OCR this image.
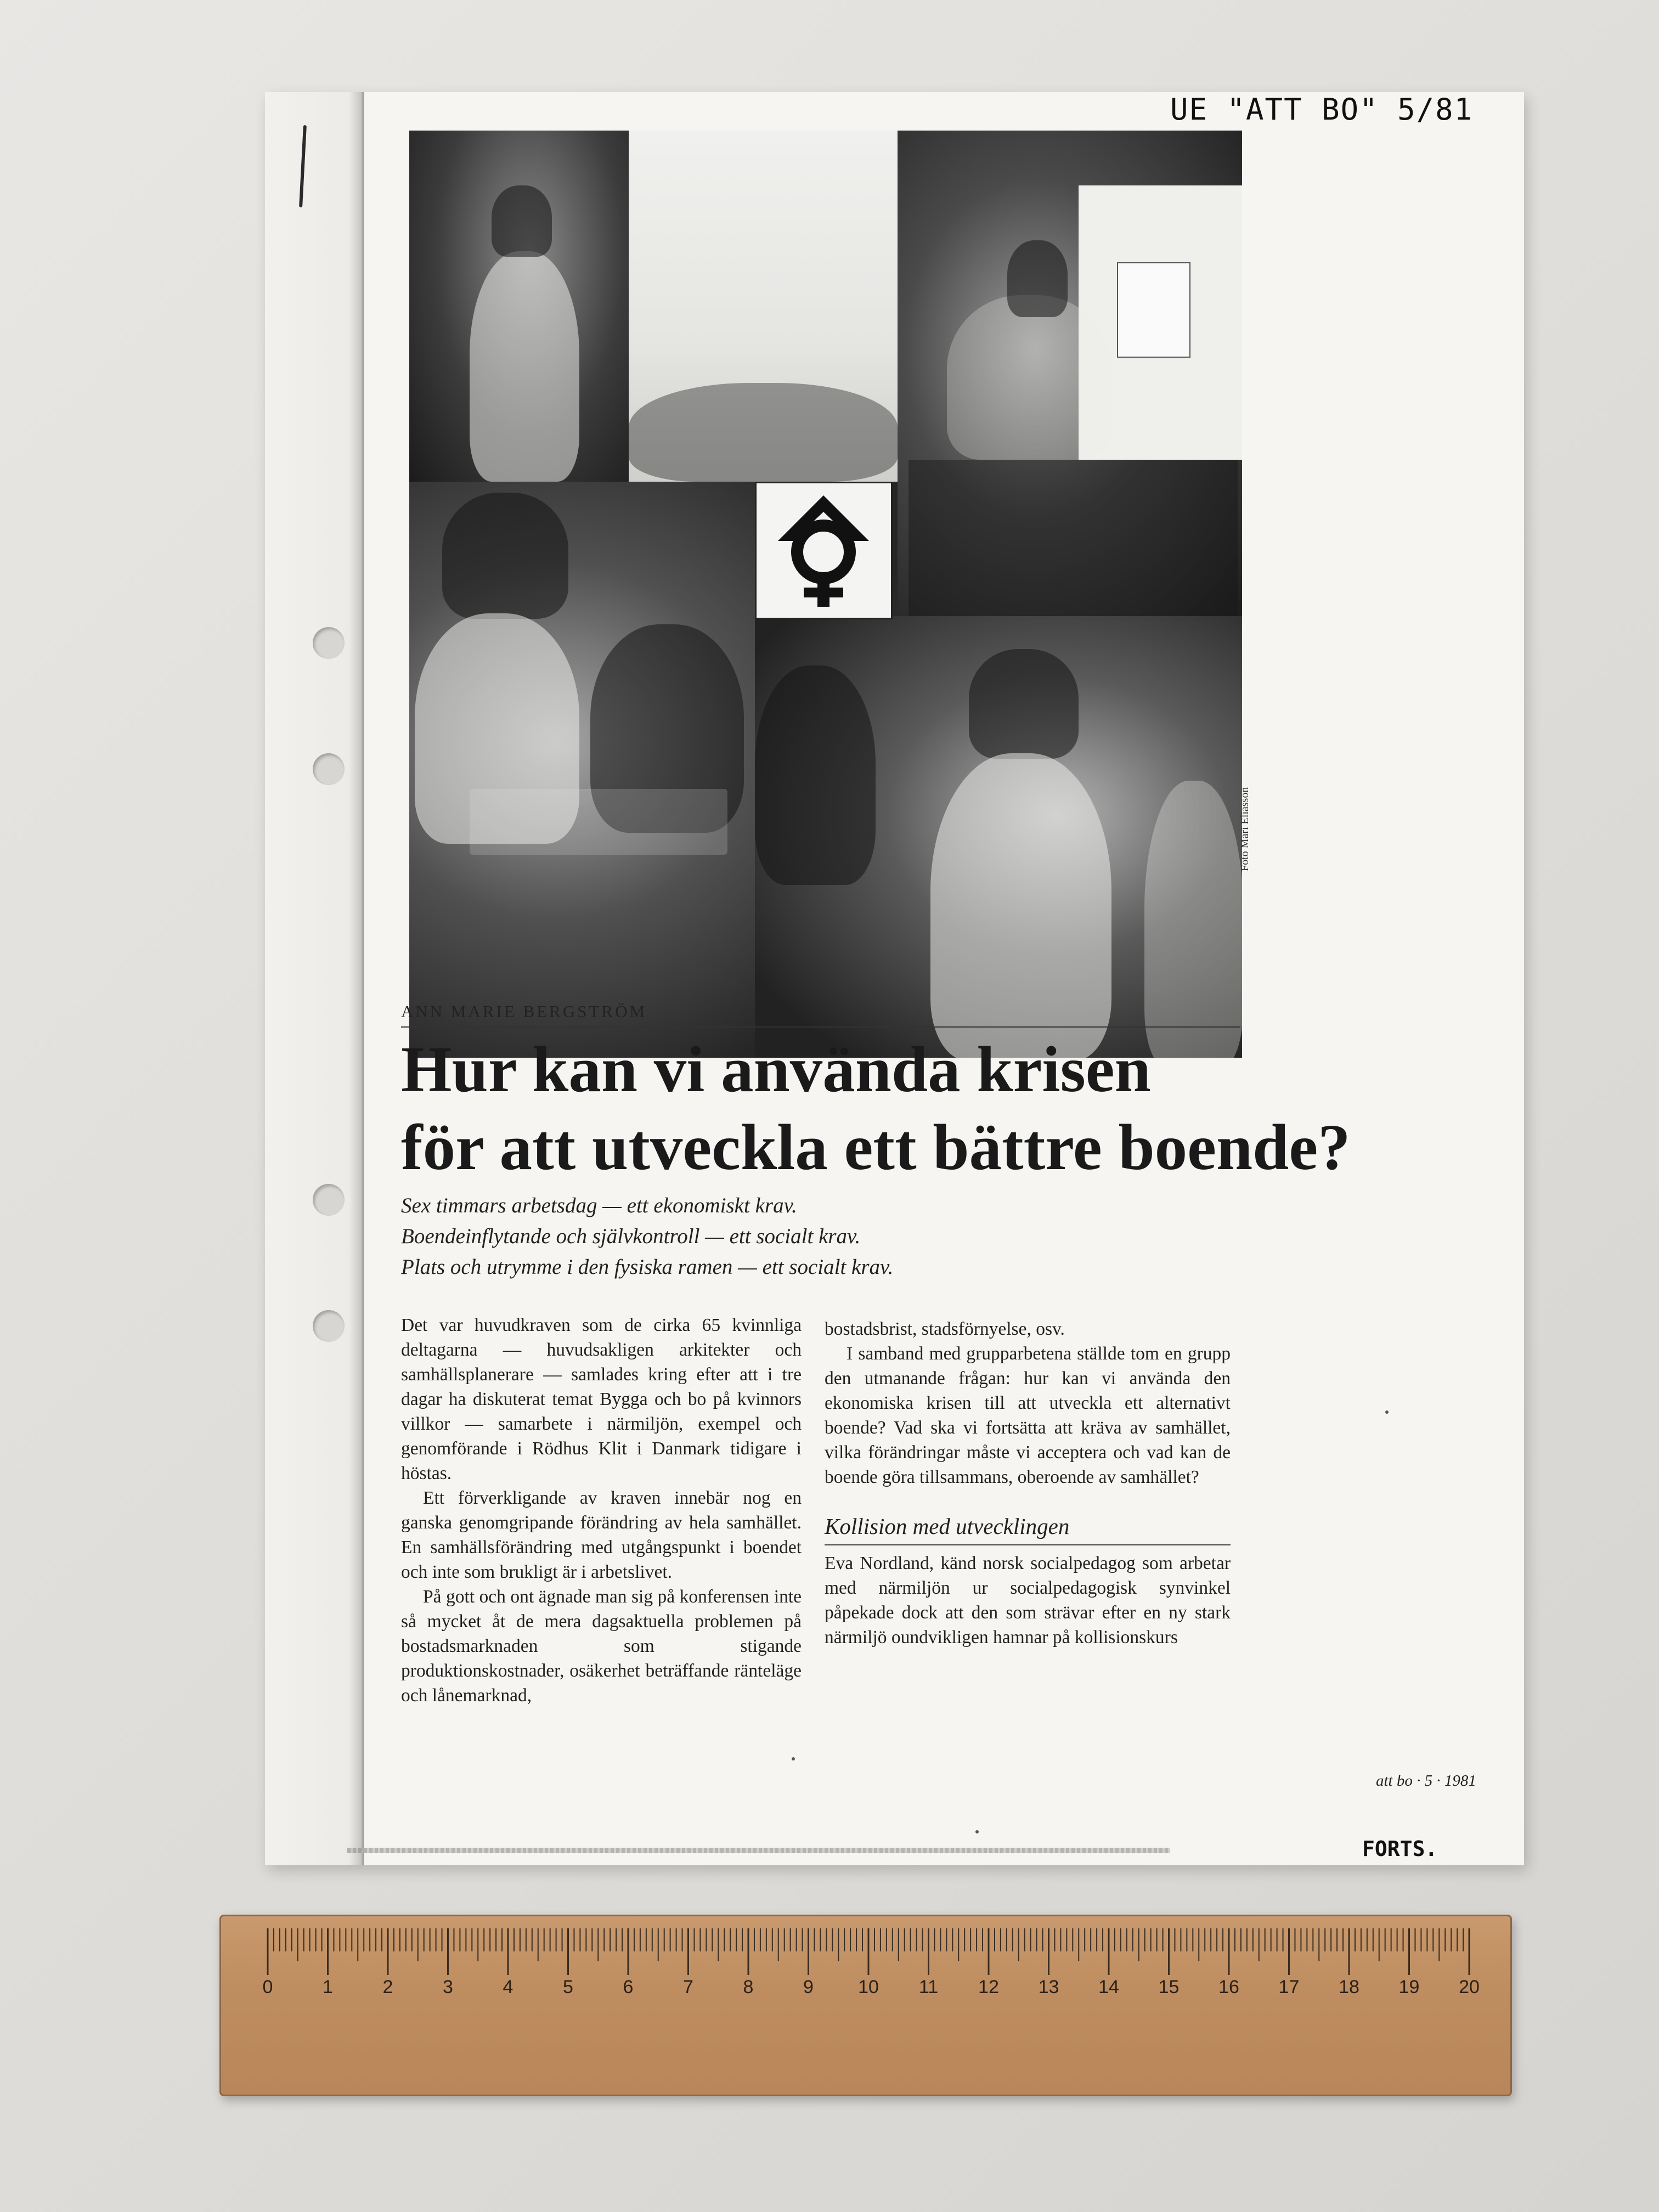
Foto Mari Eliasson
ANN MARIE BERGSTRÖM
Hur kan vi använda krisen
för att utveckla ett bättre boende?
Sex timmars arbetsdag — ett ekonomiskt krav.
Boendeinflytande och självkontroll — ett socialt krav.
Plats och utrymme i den fysiska ramen — ett socialt krav.

Det var huvudkraven som de cirka 65 kvinnliga deltagarna — huvudsakligen arkitekter och samhällsplanerare — samlades kring efter att i tre dagar ha diskuterat temat Bygga och bo på kvinnors villkor — samarbete i närmiljön, exempel och genomförande i Rödhus Klit i Danmark tidigare i höstas.

Ett förverkligande av kraven innebär nog en ganska genomgripande förändring av hela samhället. En samhällsförändring med utgångspunkt i boendet och inte som brukligt är i arbetslivet.

På gott och ont ägnade man sig på konferensen inte så mycket åt de mera dagsaktuella problemen på bostadsmarknaden som stigande produktionskostnader, osäkerhet beträffande ränteläge och lånemarknad,

bostadsbrist, stadsförnyelse, osv.

I samband med grupparbetena ställde tom en grupp den utmanande frågan: hur kan vi använda den ekonomiska krisen till att utveckla ett alternativt boende? Vad ska vi fortsätta att kräva av samhället, vilka förändringar måste vi acceptera och vad kan de boende göra tillsammans, oberoende av samhället?

Kollision med utvecklingen

Eva Nordland, känd norsk socialpedagog som arbetar med närmiljön ur socialpedagogisk synvinkel påpekade dock att den som strävar efter en ny stark närmiljö oundvikligen hamnar på kollisionskurs

att bo · 5 · 1981
UE "ATT BO" 5/81
FORTS.
0	1	2	3	4	5	6	7	8	9 10 11 12 13 14 15 16 17 18 19 20
